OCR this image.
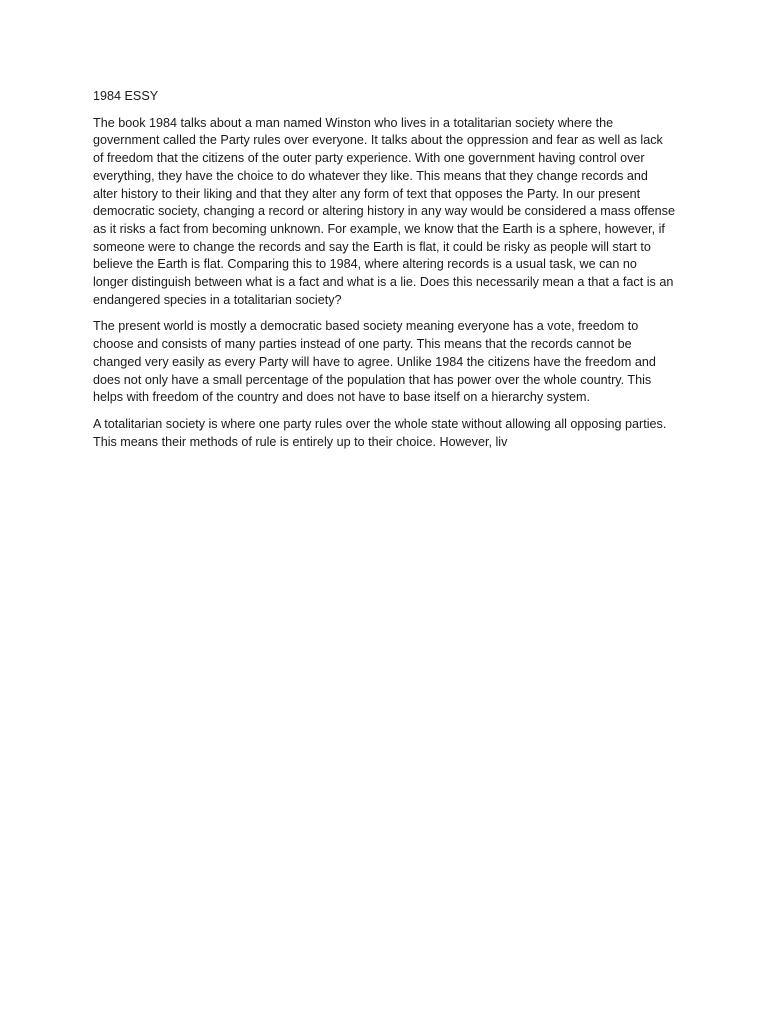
1984 ESSY

The book 1984 talks about a man named Winston who lives in a totalitarian society where the government called the Party rules over everyone. It talks about the oppression and fear as well as lack of freedom that the citizens of the outer party experience. With one government having control over everything, they have the choice to do whatever they like. This means that they change records and alter history to their liking and that they alter any form of text that opposes the Party. In our present democratic society, changing a record or altering history in any way would be considered a mass offense as it risks a fact from becoming unknown. For example, we know that the Earth is a sphere, however, if someone were to change the records and say the Earth is flat, it could be risky as people will start to believe the Earth is flat. Comparing this to 1984, where altering records is a usual task, we can no longer distinguish between what is a fact and what is a lie. Does this necessarily mean a that a fact is an endangered species in a totalitarian society?

The present world is mostly a democratic based society meaning everyone has a vote, freedom to choose and consists of many parties instead of one party. This means that the records cannot be changed very easily as every Party will have to agree. Unlike 1984 the citizens have the freedom and does not only have a small percentage of the population that has power over the whole country. This helps with freedom of the country and does not have to base itself on a hierarchy system.

A totalitarian society is where one party rules over the whole state without allowing all opposing parties. This means their methods of rule is entirely up to their choice. However, liv
